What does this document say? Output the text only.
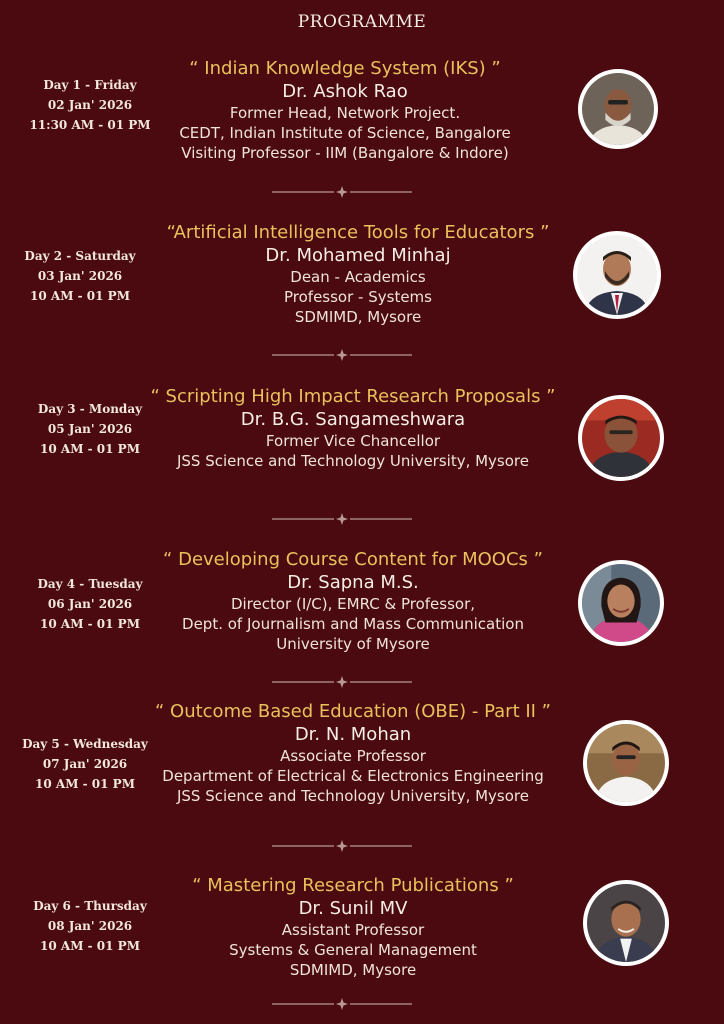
PROGRAMME
Day 1 - Friday
02 Jan' 2026
11:30 AM - 01 PM
“ Indian Knowledge System (IKS) ”
Dr. Ashok Rao
Former Head, Network Project.
CEDT, Indian Institute of Science, Bangalore
Visiting Professor - IIM (Bangalore & Indore)
Day 2 - Saturday
03 Jan' 2026
10 AM - 01 PM
“Artificial Intelligence Tools for Educators ”
Dr. Mohamed Minhaj
Dean - Academics
Professor - Systems
SDMIMD, Mysore
Day 3 - Monday
05 Jan' 2026
10 AM - 01 PM
“ Scripting High Impact Research Proposals ”
Dr. B.G. Sangameshwara
Former Vice Chancellor
JSS Science and Technology University, Mysore
Day 4 - Tuesday
06 Jan' 2026
10 AM - 01 PM
“ Developing Course Content for MOOCs ”
Dr. Sapna M.S.
Director (I/C), EMRC & Professor,
Dept. of Journalism and Mass Communication
University of Mysore
Day 5 - Wednesday
07 Jan' 2026
10 AM - 01 PM
“ Outcome Based Education (OBE) - Part II ”
Dr. N. Mohan
Associate Professor
Department of Electrical & Electronics Engineering
JSS Science and Technology University, Mysore
Day 6 - Thursday
08 Jan' 2026
10 AM - 01 PM
“ Mastering Research Publications ”
Dr. Sunil MV
Assistant Professor
Systems & General Management
SDMIMD, Mysore
